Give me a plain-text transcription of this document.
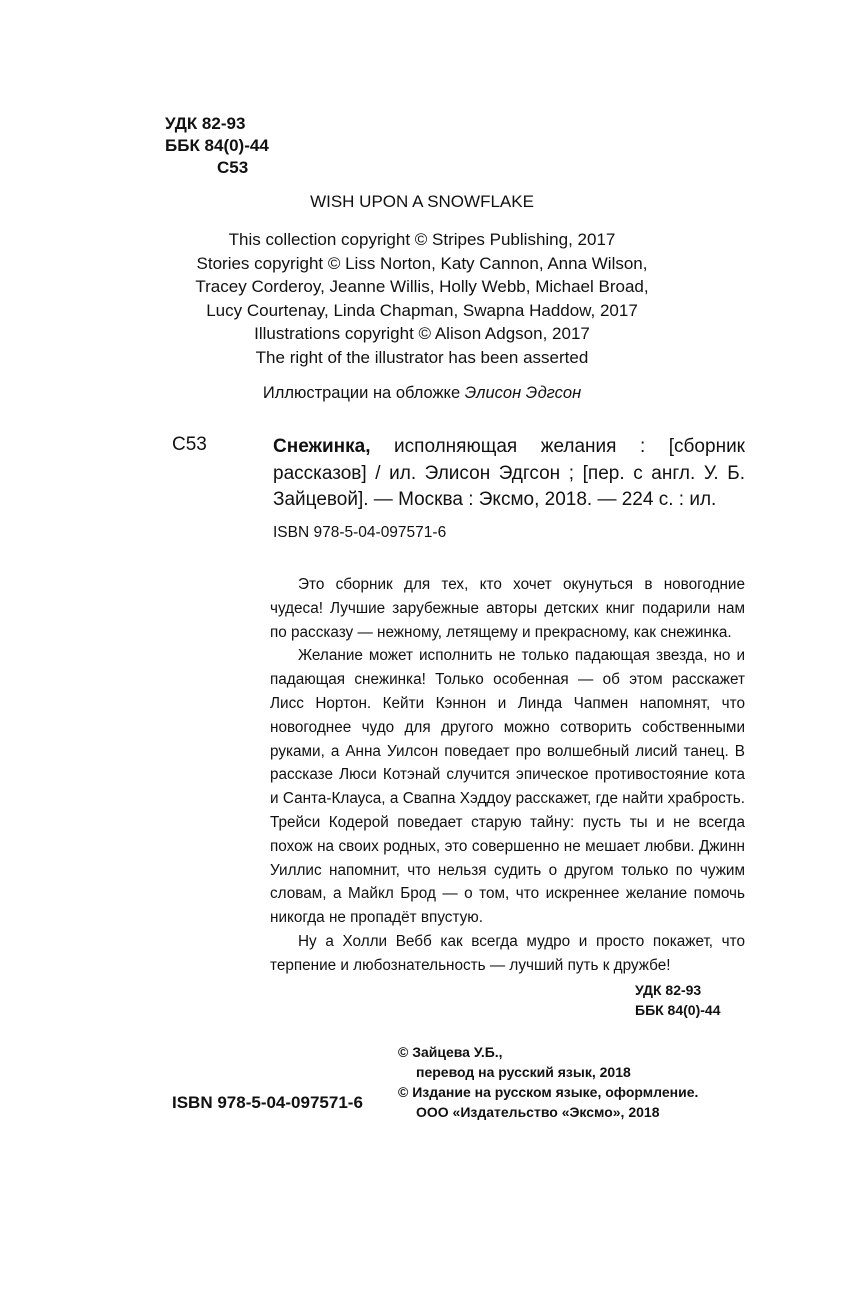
УДК 82-93
ББК 84(0)-44
С53
WISH UPON A SNOWFLAKE
This collection copyright © Stripes Publishing, 2017
Stories copyright © Liss Norton, Katy Cannon, Anna Wilson,
Tracey Corderoy, Jeanne Willis, Holly Webb, Michael Broad,
Lucy Courtenay, Linda Chapman, Swapna Haddow, 2017
Illustrations copyright © Alison Adgson, 2017
The right of the illustrator has been asserted
Иллюстрации на обложке Элисон Эдгсон
С53	Снежинка, исполняющая желания : [сборник рассказов] / ил. Элисон Эдгсон ; [пер. с англ. У. Б. Зайцевой]. — Москва : Эксмо, 2018. — 224 с. : ил.

ISBN 978-5-04-097571-6

Это сборник для тех, кто хочет окунуться в новогодние чудеса! Лучшие зарубежные авторы детских книг подарили нам по рассказу — нежному, летящему и прекрасному, как снежинка.

Желание может исполнить не только падающая звезда, но и падающая снежинка! Только особенная — об этом расскажет Лисс Нортон. Кейти Кэннон и Линда Чапмен напомнят, что новогоднее чудо для другого можно сотворить собственными руками, а Анна Уилсон поведает про волшебный лисий танец. В рассказе Люси Котэнай случится эпическое противостояние кота и Санта-Клауса, а Свапна Хэддоу расскажет, где найти храбрость. Трейси Кодерой поведает старую тайну: пусть ты и не всегда похож на своих родных, это совершенно не мешает любви. Джинн Уиллис напомнит, что нельзя судить о другом только по чужим словам, а Майкл Брод — о том, что искреннее желание помочь никогда не пропадёт впустую.

Ну а Холли Вебб как всегда мудро и просто покажет, что терпение и любознательность — лучший путь к дружбе!

УДК 82-93
ББК 84(0)-44
© Зайцева У.Б.,
перевод на русский язык, 2018
© Издание на русском языке, оформление.
ООО «Издательство «Эксмо», 2018
ISBN 978-5-04-097571-6
